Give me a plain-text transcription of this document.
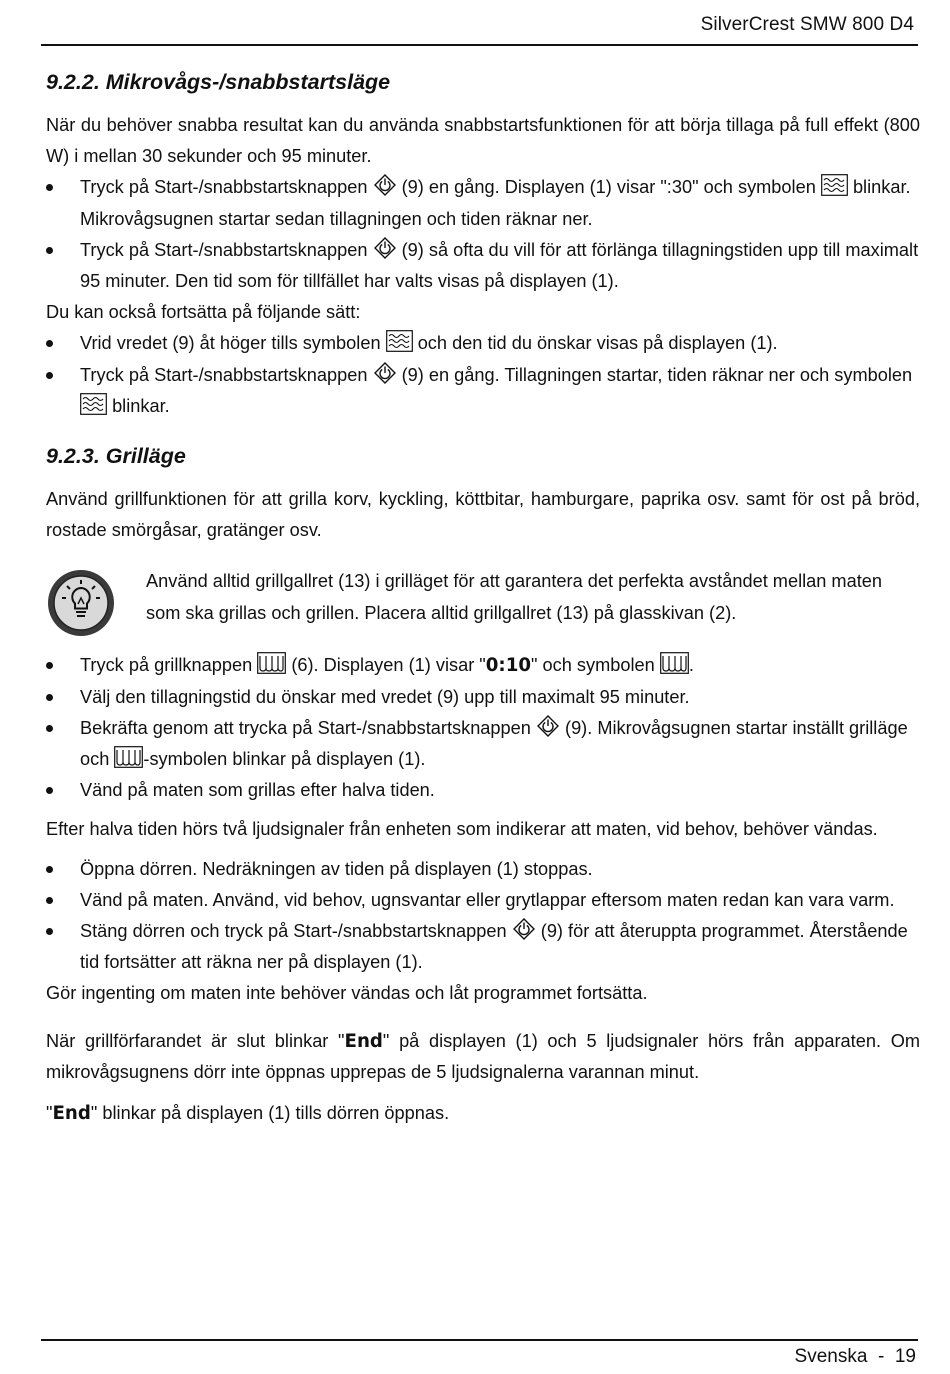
SilverCrest SMW 800 D4
9.2.2. Mikrovågs-/snabbstartsläge

När du behöver snabba resultat kan du använda snabbstartsfunktionen för att börja tillaga på full effekt (800 W) i mellan 30 sekunder och 95 minuter.

Tryck på Start-/snabbstartsknappen (9) en gång. Displayen (1) visar ":30" och symbolen blinkar. Mikrovågsugnen startar sedan tillagningen och tiden räknar ner.
Tryck på Start-/snabbstartsknappen (9) så ofta du vill för att förlänga tillagningstiden upp till maximalt 95 minuter. Den tid som för tillfället har valts visas på displayen (1).

Du kan också fortsätta på följande sätt:

Vrid vredet (9) åt höger tills symbolen och den tid du önskar visas på displayen (1).
Tryck på Start-/snabbstartsknappen (9) en gång. Tillagningen startar, tiden räknar ner och symbolen  blinkar.
9.2.3. Grilläge

Använd grillfunktionen för att grilla korv, kyckling, köttbitar, hamburgare, paprika osv. samt för ost på bröd, rostade smörgåsar, gratänger osv.

Använd alltid grillgallret (13) i grilläget för att garantera det perfekta avståndet mellan maten som ska grillas och grillen. Placera alltid grillgallret (13) på glasskivan (2).

Tryck på grillknappen (6). Displayen (1) visar "0:10" och symbolen .
Välj den tillagningstid du önskar med vredet (9) upp till maximalt 95 minuter.
Bekräfta genom att trycka på Start-/snabbstartsknappen (9). Mikrovågsugnen startar inställt grilläge och -symbolen blinkar på displayen (1).
Vänd på maten som grillas efter halva tiden.

Efter halva tiden hörs två ljudsignaler från enheten som indikerar att maten, vid behov, behöver vändas.

Öppna dörren. Nedräkningen av tiden på displayen (1) stoppas.
Vänd på maten. Använd, vid behov, ugnsvantar eller grytlappar eftersom maten redan kan vara varm.
Stäng dörren och tryck på Start-/snabbstartsknappen (9) för att återuppta programmet. Återstående tid fortsätter att räkna ner på displayen (1).

Gör ingenting om maten inte behöver vändas och låt programmet fortsätta.

När grillförfarandet är slut blinkar "End" på displayen (1) och 5 ljudsignaler hörs från apparaten. Om mikrovågsugnens dörr inte öppnas upprepas de 5 ljudsignalerna varannan minut.

"End" blinkar på displayen (1) tills dörren öppnas.

Svenska  -  19
